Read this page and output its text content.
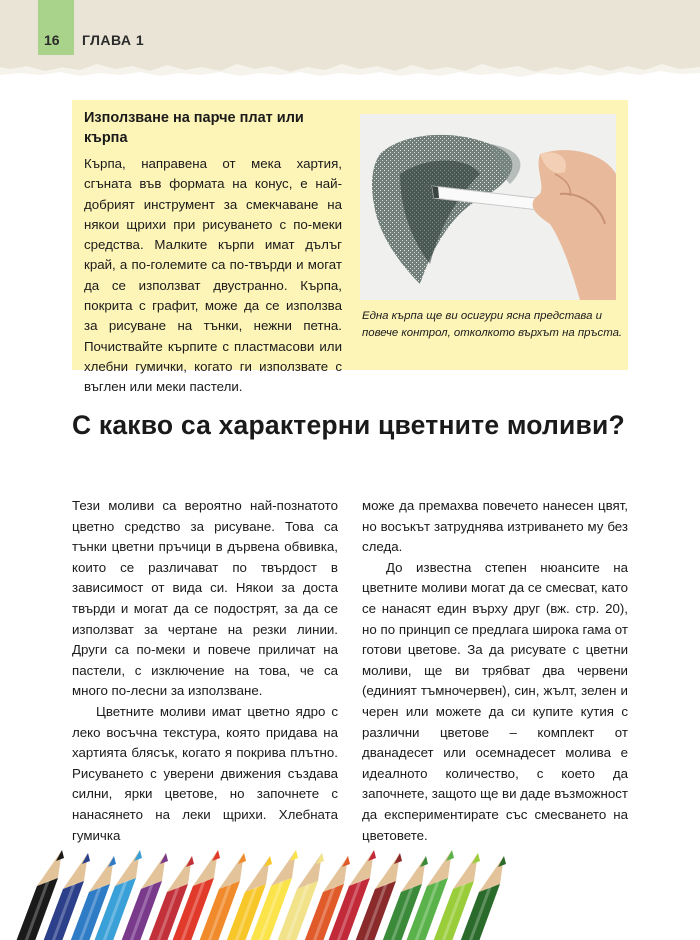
16 ГЛАВА 1
Използване на парче плат или кърпа

Кърпа, направена от мека хартия, сгъната във формата на конус, е най-добрият инструмент за смекчаване на някои щрихи при рисуването с по-меки средства. Малките кърпи имат дълъг край, а по-големите са по-твърди и могат да се използват двустранно. Кърпа, покрита с графит, може да се използва за рисуване на тънки, нежни петна. Почиствайте кърпите с пластмасови или хлебни гумички, когато ги използвате с въглен или меки пастели.

Една кърпа ще ви осигури ясна представа и повече контрол, отколкото върхът на пръста.

С какво са характерни цветните моливи?

Тези моливи са вероятно най-познатото цветно средство за рисуване. Това са тънки цветни пръчици в дървена обвивка, които се различават по твърдост в зависимост от вида си. Някои за доста твърди и могат да се подострят, за да се използват за чертане на резки линии. Други са по-меки и повече приличат на пастели, с изключение на това, че са много по-лесни за използване.

Цветните моливи имат цветно ядро с леко восъчна текстура, която придава на хартията блясък, когато я покрива плътно. Рисуването с уверени движения създава силни, ярки цветове, но започнете с нанасянето на леки щрихи. Хлебната гумичка

може да премахва повечето нанесен цвят, но восъкът затруднява изтриването му без следа.

До известна степен нюансите на цветните моливи могат да се смесват, като се нанасят един върху друг (вж. стр. 20), но по принцип се предлага широка гама от готови цветове. За да рисувате с цветни моливи, ще ви трябват два червени (единият тъмночервен), син, жълт, зелен и черен или можете да си купите кутия с различни цветове – комплект от дванадесет или осемнадесет молива е идеалното количество, с което да започнете, защото ще ви даде възможност да експериментирате със смесването на цветовете.
